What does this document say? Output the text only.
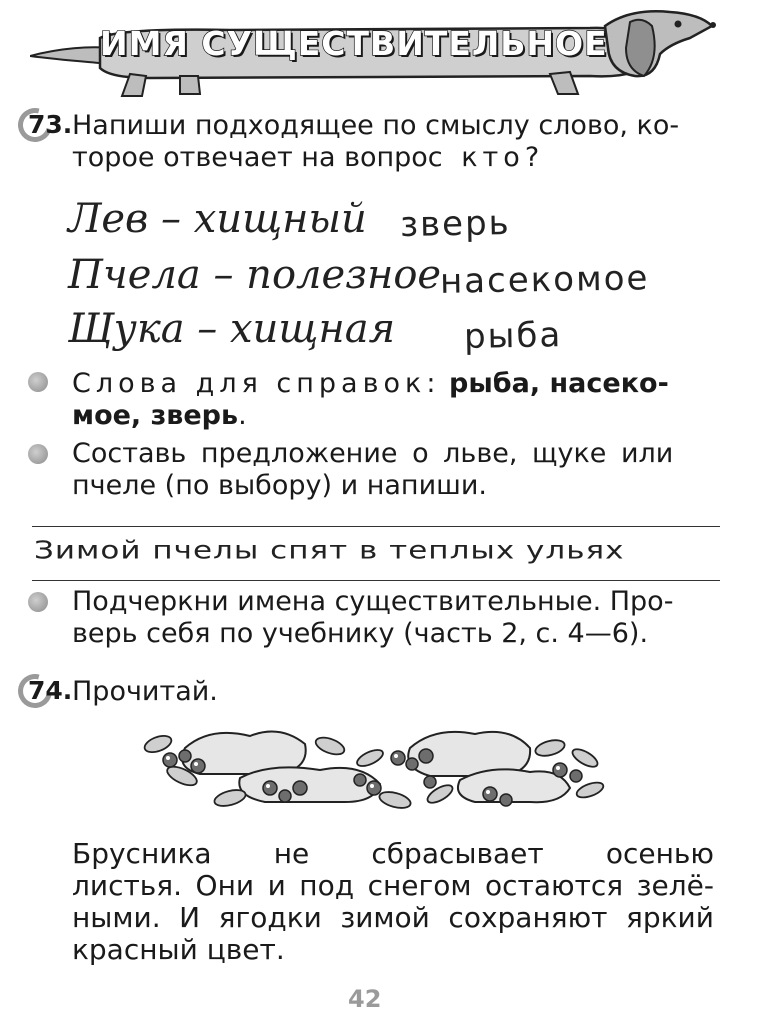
ИМЯ СУЩЕСТВИТЕЛЬНОЕ
73. Напиши подходящее по смыслу слово, ко-
торое отвечает на вопрос кто?
Лев – хищный зверь
Пчела – полезное
насекомое
Щука – хищная рыба
Слова для справок: рыба, насеко-
мое, зверь.
Составь предложение о льве, щуке или
пчеле (по выбору) и напиши.
Зимой пчелы спят в теплых ульях
Подчеркни имена существительные. Про-
верь себя по учебнику (часть 2, с. 4—6).
74. Прочитай.
Брусника не сбрасывает осенью
листья. Они и под снегом остаются зелё-
ными. И ягодки зимой сохраняют яркий
красный цвет.
42
